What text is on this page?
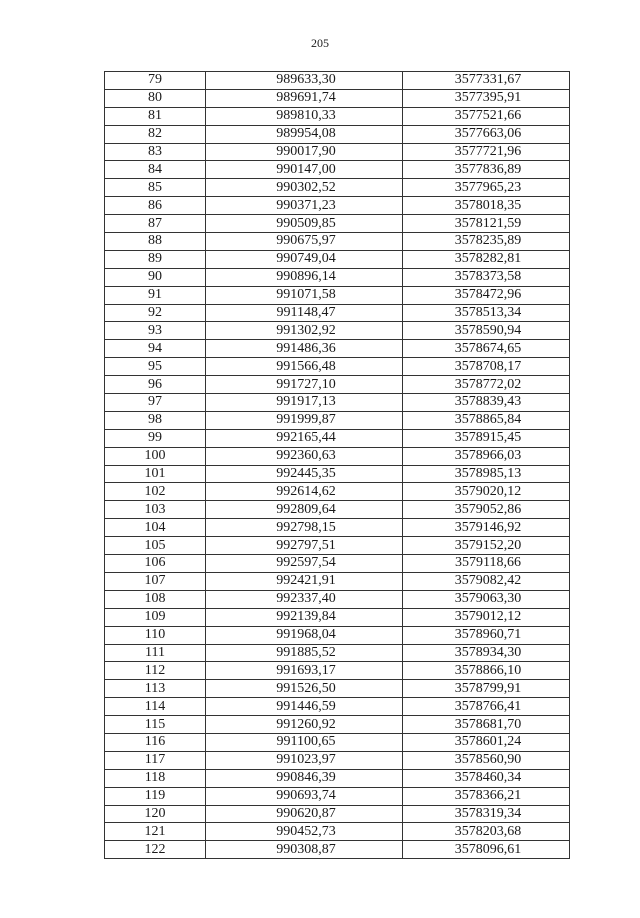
205
79	989633,30	3577331,67
80	989691,74	3577395,91
81	989810,33	3577521,66
82	989954,08	3577663,06
83	990017,90	3577721,96
84	990147,00	3577836,89
85	990302,52	3577965,23
86	990371,23	3578018,35
87	990509,85	3578121,59
88	990675,97	3578235,89
89	990749,04	3578282,81
90	990896,14	3578373,58
91	991071,58	3578472,96
92	991148,47	3578513,34
93	991302,92	3578590,94
94	991486,36	3578674,65
95	991566,48	3578708,17
96	991727,10	3578772,02
97	991917,13	3578839,43
98	991999,87	3578865,84
99	992165,44	3578915,45
100	992360,63	3578966,03
101	992445,35	3578985,13
102	992614,62	3579020,12
103	992809,64	3579052,86
104	992798,15	3579146,92
105	992797,51	3579152,20
106	992597,54	3579118,66
107	992421,91	3579082,42
108	992337,40	3579063,30
109	992139,84	3579012,12
110	991968,04	3578960,71
111	991885,52	3578934,30
112	991693,17	3578866,10
113	991526,50	3578799,91
114	991446,59	3578766,41
115	991260,92	3578681,70
116	991100,65	3578601,24
117	991023,97	3578560,90
118	990846,39	3578460,34
119	990693,74	3578366,21
120	990620,87	3578319,34
121	990452,73	3578203,68
122	990308,87	3578096,61
